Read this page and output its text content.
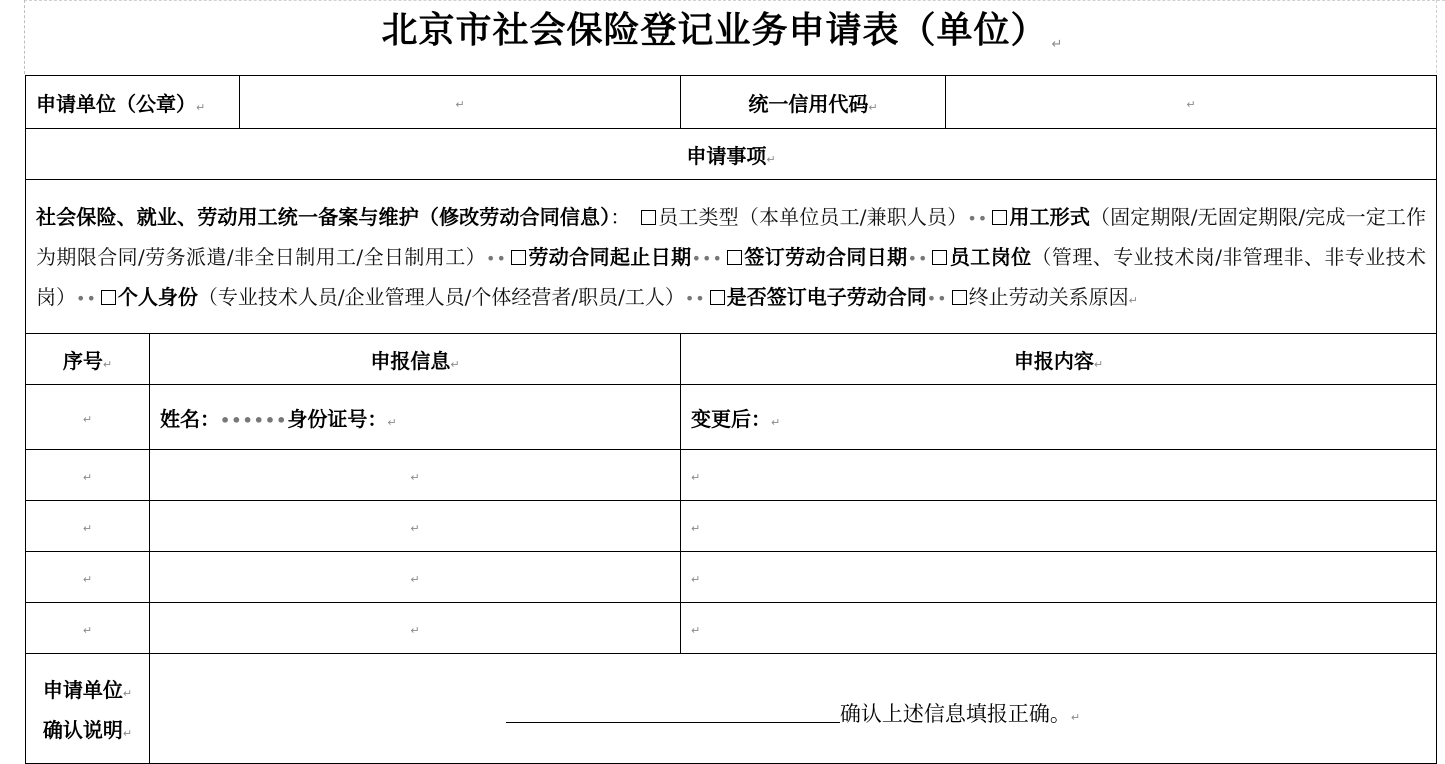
北京市社会保险登记业务申请表（单位） ↵
申请单位（公章）↵		↵	统一信用代码↵	↵
申请事项↵				
社会保险、就业、劳动用工统一备案与维护（修改劳动合同信息）： 员工类型（本单位员工/兼职人员）•• 用工形式（固定期限/无固定期限/完成一定工作为期限合同/劳务派遣/非全日制用工/全日制用工）•• 劳动合同起止日期••• 签订劳动合同日期•• 员工岗位（管理、专业技术岗/非管理非、非专业技术岗）•• 个人身份（专业技术人员/企业管理人员/个体经营者/职员/工人）•• 是否签订电子劳动合同•• 终止劳动关系原因↵				
序号↵	申报信息↵		申报内容↵	
↵	姓名：••••••身份证号：↵		变更后：↵	
↵	↵		↵	
↵	↵		↵	
↵	↵		↵	
↵	↵		↵	
申请单位↵
确认说明↵	确认上述信息填报正确。↵			
